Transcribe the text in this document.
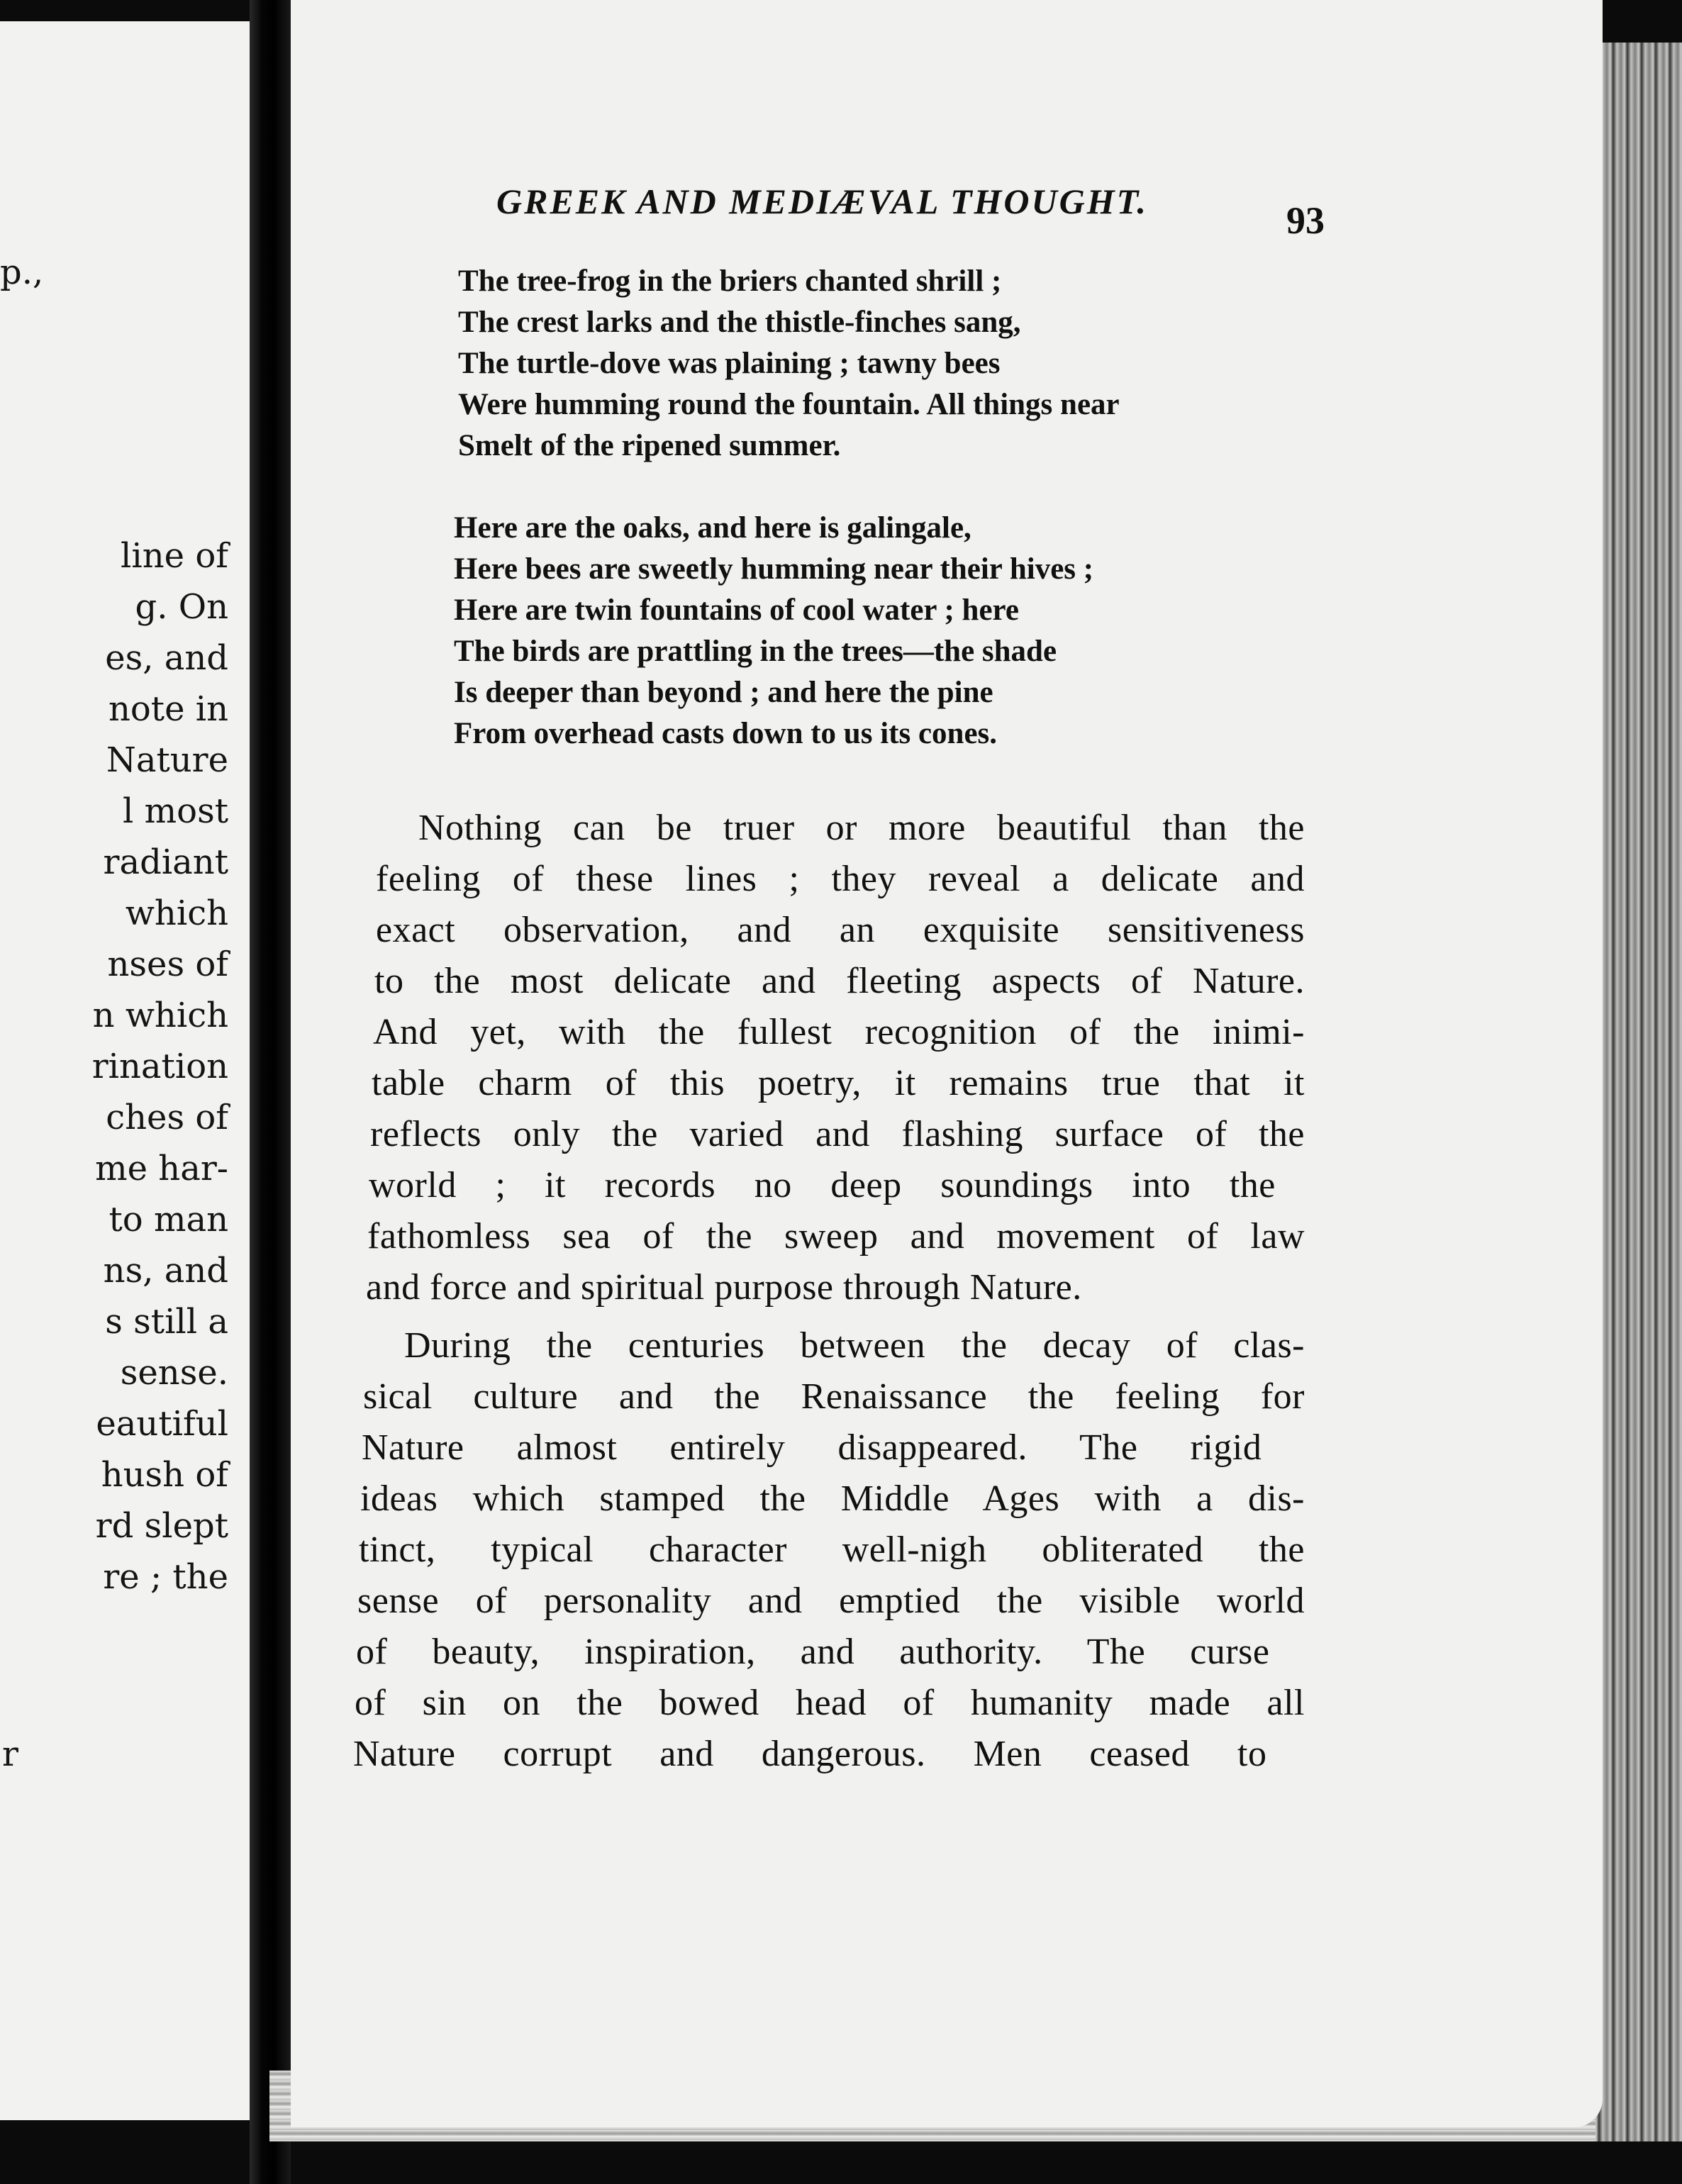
p.,
line of
g. On
es, and
note in
Nature
l most
radiant
which
nses of
n which
rination
ches of
me har-
to man
ns, and
s still a
sense.
eautiful
hush of
rd slept
re ; the
r
GREEK AND MEDIÆVAL THOUGHT.	93
The tree-frog in the briers chanted shrill ;
The crest larks and the thistle-finches sang,
The turtle-dove was plaining ; tawny bees
Were humming round the fountain. All things near
Smelt of the ripened summer.
Here are the oaks, and here is galingale,
Here bees are sweetly humming near their hives ;
Here are twin fountains of cool water ; here
The birds are prattling in the trees—the shade
Is deeper than beyond ; and here the pine
From overhead casts down to us its cones.
Nothing can be truer or more beautiful than the
feeling of these lines ; they reveal a delicate and
exact observation, and an exquisite sensitiveness
to the most delicate and fleeting aspects of Nature.
And yet, with the fullest recognition of the inimi-
table charm of this poetry, it remains true that it
reflects only the varied and flashing surface of the
world ; it records no deep soundings into the
fathomless sea of the sweep and movement of law
and force and spiritual purpose through Nature.
During the centuries between the decay of clas-
sical culture and the Renaissance the feeling for
Nature almost entirely disappeared. The rigid
ideas which stamped the Middle Ages with a dis-
tinct, typical character well-nigh obliterated the
sense of personality and emptied the visible world
of beauty, inspiration, and authority. The curse
of sin on the bowed head of humanity made all
Nature corrupt and dangerous. Men ceased to
